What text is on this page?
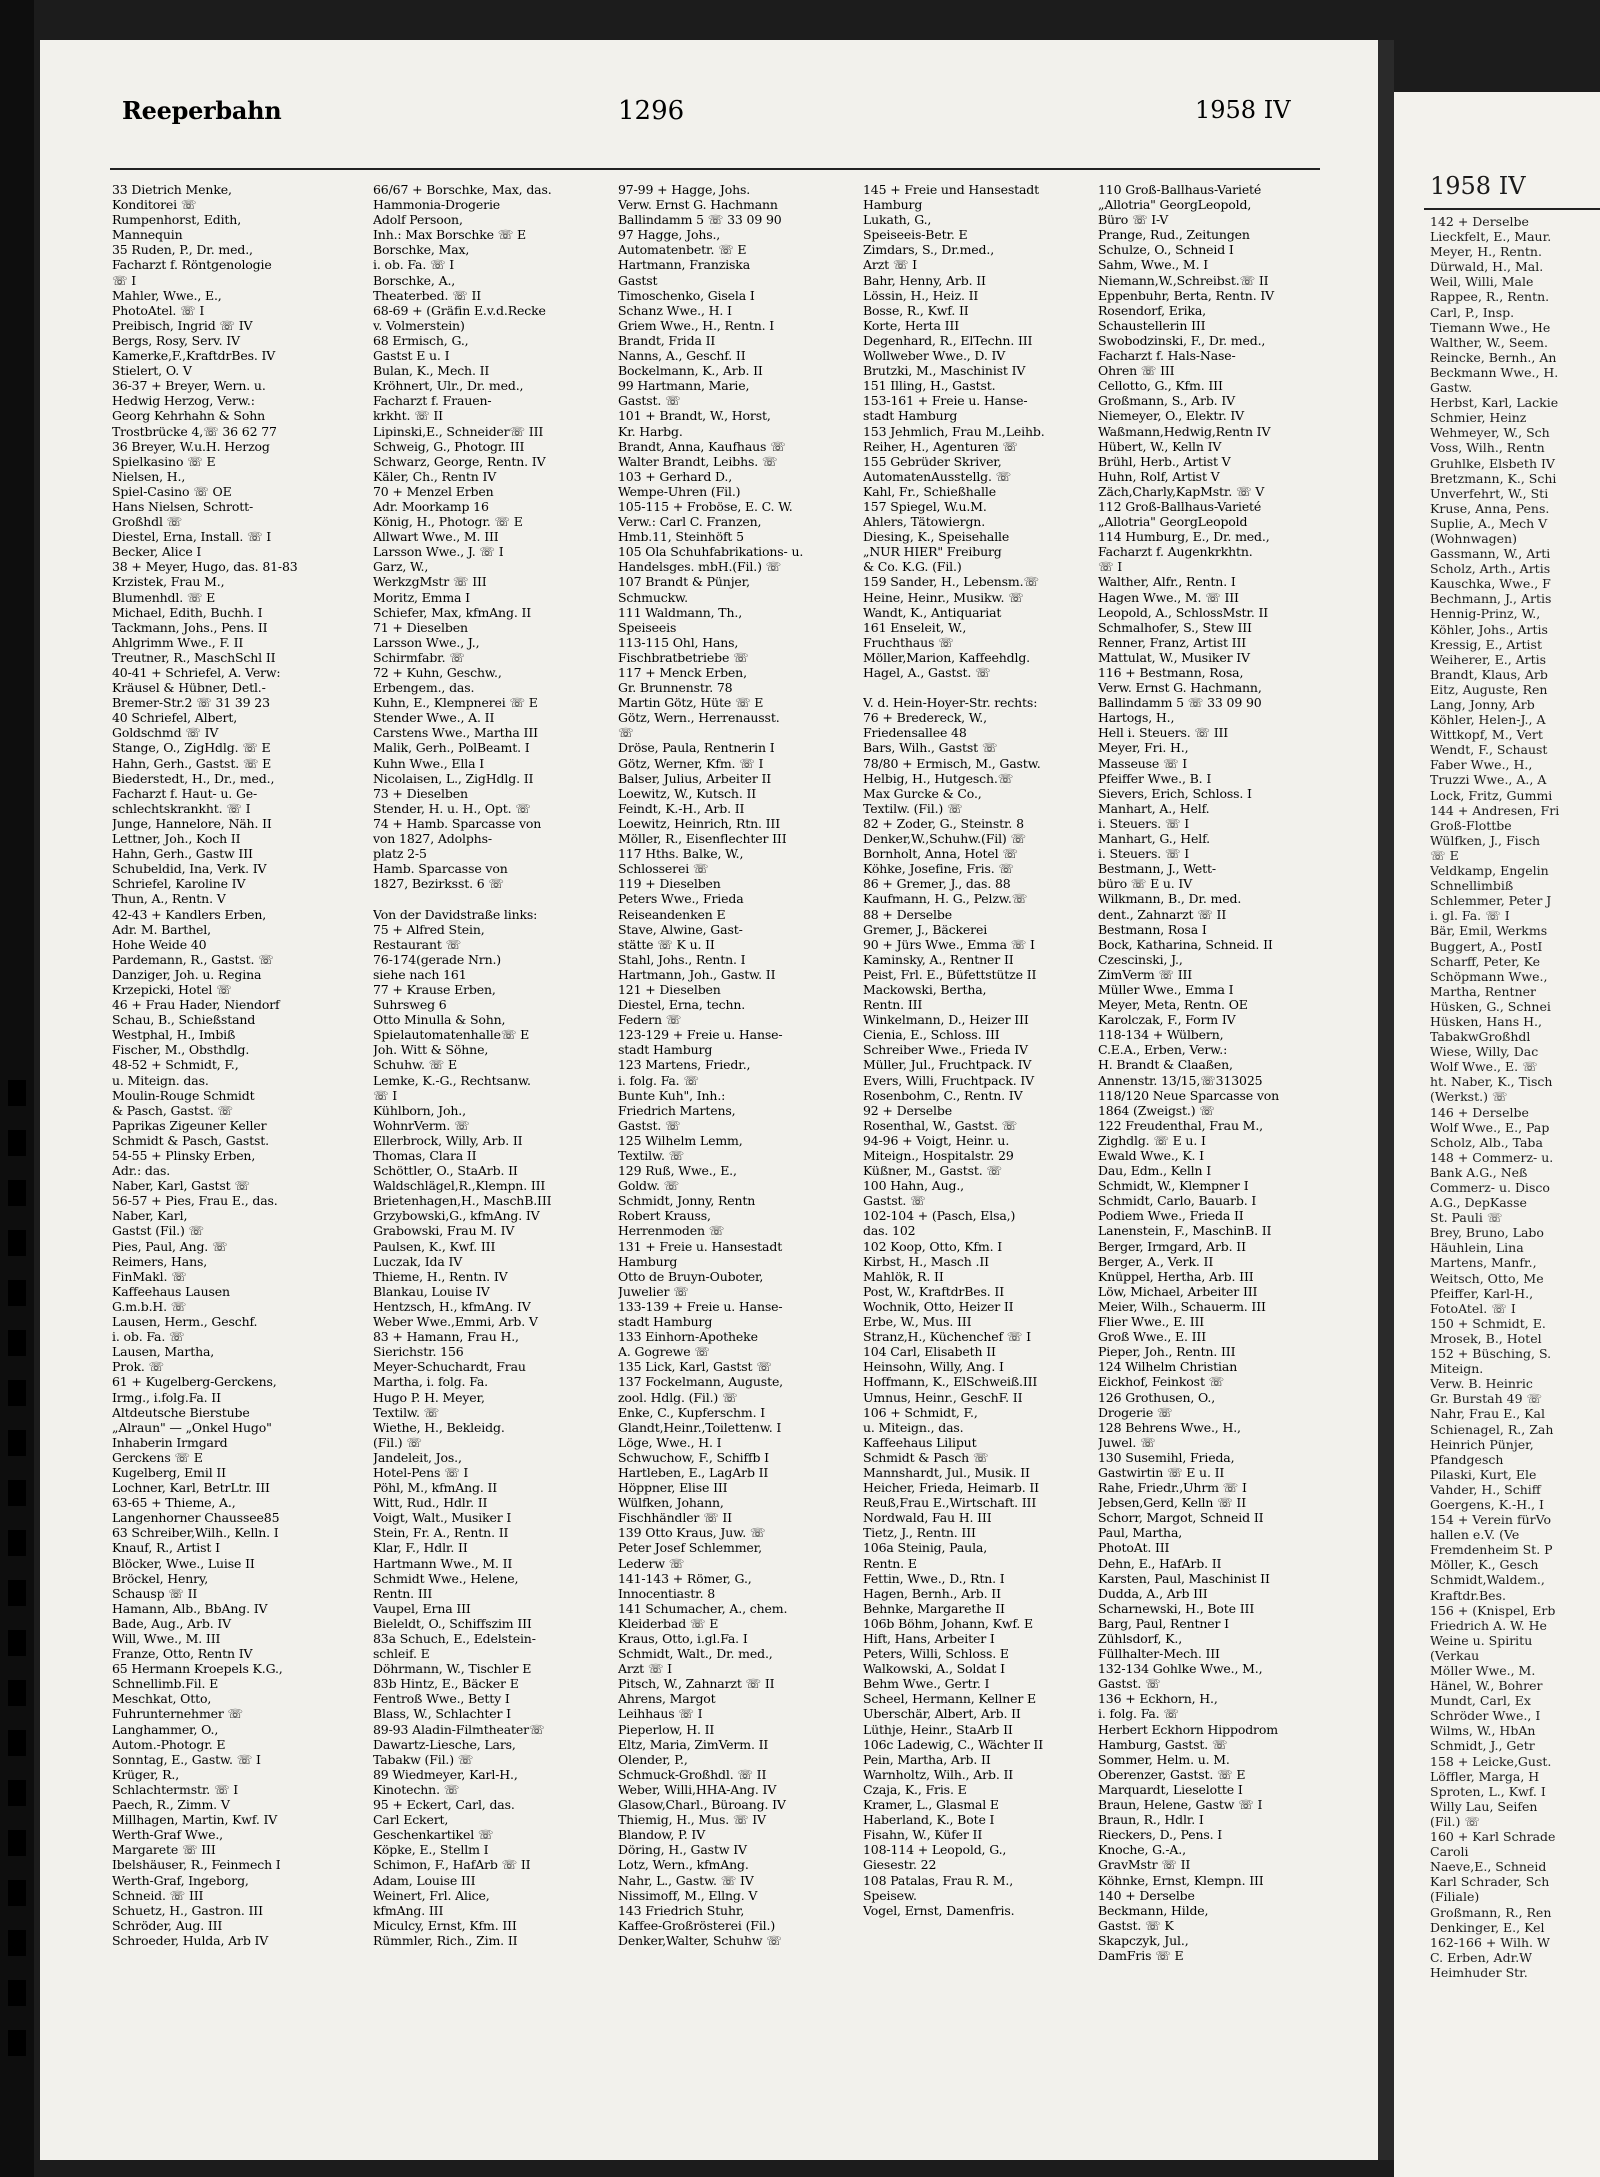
Reeperbahn	1296	1958 IV
33 Dietrich Menke,
Konditorei ☏
Rumpenhorst, Edith,
Mannequin
35 Ruden, P., Dr. med.,
Facharzt f. Röntgenologie
☏ I
Mahler, Wwe., E.,
PhotoAtel. ☏ I
Preibisch, Ingrid ☏ IV
Bergs, Rosy, Serv. IV
Kamerke,F.,KraftdrBes. IV
Stielert, O. V
36-37 + Breyer, Wern. u.
Hedwig Herzog, Verw.:
Georg Kehrhahn & Sohn
Trostbrücke 4,☏ 36 62 77
36 Breyer, W.u.H. Herzog
Spielkasino ☏ E
Nielsen, H.,
Spiel-Casino ☏ OE
Hans Nielsen, Schrott-
Großhdl ☏
Diestel, Erna, Install. ☏ I
Becker, Alice I
38 + Meyer, Hugo, das. 81-83
Krzistek, Frau M.,
Blumenhdl. ☏ E
Michael, Edith, Buchh. I
Tackmann, Johs., Pens. II
Ahlgrimm Wwe., F. II
Treutner, R., MaschSchl II
40-41 + Schriefel, A. Verw:
Kräusel & Hübner, Detl.-
Bremer-Str.2 ☏ 31 39 23
40 Schriefel, Albert,
Goldschmd ☏ IV
Stange, O., ZigHdlg. ☏ E
Hahn, Gerh., Gastst. ☏ E
Biederstedt, H., Dr., med.,
Facharzt f. Haut- u. Ge-
schlechtskrankht. ☏ I
Junge, Hannelore, Näh. II
Lettner, Joh., Koch II
Hahn, Gerh., Gastw III
Schubeldid, Ina, Verk. IV
Schriefel, Karoline IV
Thun, A., Rentn. V
42-43 + Kandlers Erben,
Adr. M. Barthel,
Hohe Weide 40
Pardemann, R., Gastst. ☏
Danziger, Joh. u. Regina
Krzepicki, Hotel ☏
46 + Frau Hader, Niendorf
Schau, B., Schießstand
Westphal, H., Imbiß
Fischer, M., Obsthdlg.
48-52 + Schmidt, F.,
u. Miteign. das.
Moulin-Rouge Schmidt
& Pasch, Gastst. ☏
Paprikas Zigeuner Keller
Schmidt & Pasch, Gastst.
54-55 + Plinsky Erben,
Adr.: das.
Naber, Karl, Gastst ☏
56-57 + Pies, Frau E., das.
Naber, Karl,
Gastst (Fil.) ☏
Pies, Paul, Ang. ☏
Reimers, Hans,
FinMakl. ☏
Kaffeehaus Lausen
G.m.b.H. ☏
Lausen, Herm., Geschf.
i. ob. Fa. ☏
Lausen, Martha,
Prok. ☏
61 + Kugelberg-Gerckens,
Irmg., i.folg.Fa. II
Altdeutsche Bierstube
„Alraun" — „Onkel Hugo"
Inhaberin Irmgard
Gerckens ☏ E
Kugelberg, Emil II
Lochner, Karl, BetrLtr. III
63-65 + Thieme, A.,
Langenhorner Chaussee85
63 Schreiber,Wilh., Kelln. I
Knauf, R., Artist I
Blöcker, Wwe., Luise II
Bröckel, Henry,
Schausp ☏ II
Hamann, Alb., BbAng. IV
Bade, Aug., Arb. IV
Will, Wwe., M. III
Franze, Otto, Rentn IV
65 Hermann Kroepels K.G.,
Schnellimb.Fil. E
Meschkat, Otto,
Fuhrunternehmer ☏
Langhammer, O.,
Autom.-Photogr. E
Sonntag, E., Gastw. ☏ I
Krüger, R.,
Schlachtermstr. ☏ I
Paech, R., Zimm. V
Millhagen, Martin, Kwf. IV
Werth-Graf Wwe.,
Margarete ☏ III
Ibelshäuser, R., Feinmech I
Werth-Graf, Ingeborg,
Schneid. ☏ III
Schuetz, H., Gastron. III
Schröder, Aug. III
Schroeder, Hulda, Arb IV
66/67 + Borschke, Max, das.
Hammonia-Drogerie
Adolf Persoon,
Inh.: Max Borschke ☏ E
Borschke, Max,
i. ob. Fa. ☏ I
Borschke, A.,
Theaterbed. ☏ II
68-69 + (Gräfin E.v.d.Recke
v. Volmerstein)
68 Ermisch, G.,
Gastst E u. I
Bulan, K., Mech. II
Kröhnert, Ulr., Dr. med.,
Facharzt f. Frauen-
krkht. ☏ II
Lipinski,E., Schneider☏ III
Schweig, G., Photogr. III
Schwarz, George, Rentn. IV
Käler, Ch., Rentn IV
70 + Menzel Erben
Adr. Moorkamp 16
König, H., Photogr. ☏ E
Allwart Wwe., M. III
Larsson Wwe., J. ☏ I
Garz, W.,
WerkzgMstr ☏ III
Moritz, Emma I
Schiefer, Max, kfmAng. II
71 + Dieselben
Larsson Wwe., J.,
Schirmfabr. ☏
72 + Kuhn, Geschw.,
Erbengem., das.
Kuhn, E., Klempnerei ☏ E
Stender Wwe., A. II
Carstens Wwe., Martha III
Malik, Gerh., PolBeamt. I
Kuhn Wwe., Ella I
Nicolaisen, L., ZigHdlg. II
73 + Dieselben
Stender, H. u. H., Opt. ☏
74 + Hamb. Sparcasse von
von 1827, Adolphs-
platz 2-5
Hamb. Sparcasse von
1827, Bezirksst. 6 ☏

Von der Davidstraße links:
75 + Alfred Stein,
Restaurant ☏
76-174(gerade Nrn.)
siehe nach 161
77 + Krause Erben,
Suhrsweg 6
Otto Minulla & Sohn,
Spielautomatenhalle☏ E
Joh. Witt & Söhne,
Schuhw. ☏ E
Lemke, K.-G., Rechtsanw.
☏ I
Kühlborn, Joh.,
WohnrVerm. ☏
Ellerbrock, Willy, Arb. II
Thomas, Clara II
Schöttler, O., StaArb. II
Waldschlägel,R.,Klempn. III
Brietenhagen,H., MaschB.III
Grzybowski,G., kfmAng. IV
Grabowski, Frau M. IV
Paulsen, K., Kwf. III
Luczak, Ida IV
Thieme, H., Rentn. IV
Blankau, Louise IV
Hentzsch, H., kfmAng. IV
Weber Wwe.,Emmi, Arb. V
83 + Hamann, Frau H.,
Sierichstr. 156
Meyer-Schuchardt, Frau
Martha, i. folg. Fa.
Hugo P. H. Meyer,
Textilw. ☏
Wiethe, H., Bekleidg.
(Fil.) ☏
Jandeleit, Jos.,
Hotel-Pens ☏ I
Pöhl, M., kfmAng. II
Witt, Rud., Hdlr. II
Voigt, Walt., Musiker I
Stein, Fr. A., Rentn. II
Klar, F., Hdlr. II
Hartmann Wwe., M. II
Schmidt Wwe., Helene,
Rentn. III
Vaupel, Erna III
Bieleldt, O., Schiffszim III
83a Schuch, E., Edelstein-
schleif. E
Döhrmann, W., Tischler E
83b Hintz, E., Bäcker E
Fentroß Wwe., Betty I
Blass, W., Schlachter I
89-93 Aladin-Filmtheater☏
Dawartz-Liesche, Lars,
Tabakw (Fil.) ☏
89 Wiedmeyer, Karl-H.,
Kinotechn. ☏
95 + Eckert, Carl, das.
Carl Eckert,
Geschenkartikel ☏
Köpke, E., Stellm I
Schimon, F., HafArb ☏ II
Adam, Louise III
Weinert, Frl. Alice,
kfmAng. III
Miculcy, Ernst, Kfm. III
Rümmler, Rich., Zim. II
97-99 + Hagge, Johs.
Verw. Ernst G. Hachmann
Ballindamm 5 ☏ 33 09 90
97 Hagge, Johs.,
Automatenbetr. ☏ E
Hartmann, Franziska
Gastst
Timoschenko, Gisela I
Schanz Wwe., H. I
Griem Wwe., H., Rentn. I
Brandt, Frida II
Nanns, A., Geschf. II
Bockelmann, K., Arb. II
99 Hartmann, Marie,
Gastst. ☏
101 + Brandt, W., Horst,
Kr. Harbg.
Brandt, Anna, Kaufhaus ☏
Walter Brandt, Leibhs. ☏
103 + Gerhard D.,
Wempe-Uhren (Fil.)
105-115 + Froböse, E. C. W.
Verw.: Carl C. Franzen,
Hmb.11, Steinhöft 5
105 Ola Schuhfabrikations- u.
Handelsges. mbH.(Fil.) ☏
107 Brandt & Pünjer,
Schmuckw.
111 Waldmann, Th.,
Speiseeis
113-115 Ohl, Hans,
Fischbratbetriebe ☏
117 + Menck Erben,
Gr. Brunnenstr. 78
Martin Götz, Hüte ☏ E
Götz, Wern., Herrenausst.
☏
Dröse, Paula, Rentnerin I
Götz, Werner, Kfm. ☏ I
Balser, Julius, Arbeiter II
Loewitz, W., Kutsch. II
Feindt, K.-H., Arb. II
Loewitz, Heinrich, Rtn. III
Möller, R., Eisenflechter III
117 Hths. Balke, W.,
Schlosserei ☏
119 + Dieselben
Peters Wwe., Frieda
Reiseandenken E
Stave, Alwine, Gast-
stätte ☏ K u. II
Stahl, Johs., Rentn. I
Hartmann, Joh., Gastw. II
121 + Dieselben
Diestel, Erna, techn.
Federn ☏
123-129 + Freie u. Hanse-
stadt Hamburg
123 Martens, Friedr.,
i. folg. Fa. ☏
Bunte Kuh", Inh.:
Friedrich Martens,
Gastst. ☏
125 Wilhelm Lemm,
Textilw. ☏
129 Ruß, Wwe., E.,
Goldw. ☏
Schmidt, Jonny, Rentn
Robert Krauss,
Herrenmoden ☏
131 + Freie u. Hansestadt
Hamburg
Otto de Bruyn-Ouboter,
Juwelier ☏
133-139 + Freie u. Hanse-
stadt Hamburg
133 Einhorn-Apotheke
A. Gogrewe ☏
135 Lick, Karl, Gastst ☏
137 Fockelmann, Auguste,
zool. Hdlg. (Fil.) ☏
Enke, C., Kupferschm. I
Glandt,Heinr.,Toilettenw. I
Löge, Wwe., H. I
Schwuchow, F., Schiffb I
Hartleben, E., LagArb II
Höppner, Elise III
Wülfken, Johann,
Fischhändler ☏ II
139 Otto Kraus, Juw. ☏
Peter Josef Schlemmer,
Lederw ☏
141-143 + Römer, G.,
Innocentiastr. 8
141 Schumacher, A., chem.
Kleiderbad ☏ E
Kraus, Otto, i.gl.Fa. I
Schmidt, Walt., Dr. med.,
Arzt ☏ I
Pitsch, W., Zahnarzt ☏ II
Ahrens, Margot
Leihhaus ☏ I
Pieperlow, H. II
Eltz, Maria, ZimVerm. II
Olender, P.,
Schmuck-Großhdl. ☏ II
Weber, Willi,HHA-Ang. IV
Glasow,Charl., Büroang. IV
Thiemig, H., Mus. ☏ IV
Blandow, P. IV
Döring, H., Gastw IV
Lotz, Wern., kfmAng.
Nahr, L., Gastw. ☏ IV
Nissimoff, M., Ellng. V
143 Friedrich Stuhr,
Kaffee-Großrösterei (Fil.)
Denker,Walter, Schuhw ☏
145 + Freie und Hansestadt
Hamburg
Lukath, G.,
Speiseeis-Betr. E
Zimdars, S., Dr.med.,
Arzt ☏ I
Bahr, Henny, Arb. II
Lössin, H., Heiz. II
Bosse, R., Kwf. II
Korte, Herta III
Degenhard, R., ElTechn. III
Wollweber Wwe., D. IV
Brutzki, M., Maschinist IV
151 Illing, H., Gastst.
153-161 + Freie u. Hanse-
stadt Hamburg
153 Jehmlich, Frau M.,Leihb.
Reiher, H., Agenturen ☏
155 Gebrüder Skriver,
AutomatenAusstellg. ☏
Kahl, Fr., Schießhalle
157 Spiegel, W.u.M.
Ahlers, Tätowiergn.
Diesing, K., Speisehalle
„NUR HIER" Freiburg
& Co. K.G. (Fil.)
159 Sander, H., Lebensm.☏
Heine, Heinr., Musikw. ☏
Wandt, K., Antiquariat
161 Enseleit, W.,
Fruchthaus ☏
Möller,Marion, Kaffeehdlg.
Hagel, A., Gastst. ☏

V. d. Hein-Hoyer-Str. rechts:
76 + Bredereck, W.,
Friedensallee 48
Bars, Wilh., Gastst ☏
78/80 + Ermisch, M., Gastw.
Helbig, H., Hutgesch.☏
Max Gurcke & Co.,
Textilw. (Fil.) ☏
82 + Zoder, G., Steinstr. 8
Denker,W.,Schuhw.(Fil) ☏
Bornholt, Anna, Hotel ☏
Köhke, Josefine, Fris. ☏
86 + Gremer, J., das. 88
Kaufmann, H. G., Pelzw.☏
88 + Derselbe
Gremer, J., Bäckerei
90 + Jürs Wwe., Emma ☏ I
Kaminsky, A., Rentner II
Peist, Frl. E., Büfettstütze II
Mackowski, Bertha,
Rentn. III
Winkelmann, D., Heizer III
Cienia, E., Schloss. III
Schreiber Wwe., Frieda IV
Müller, Jul., Fruchtpack. IV
Evers, Willi, Fruchtpack. IV
Rosenbohm, C., Rentn. IV
92 + Derselbe
Rosenthal, W., Gastst. ☏
94-96 + Voigt, Heinr. u.
Miteign., Hospitalstr. 29
Küßner, M., Gastst. ☏
100 Hahn, Aug.,
Gastst. ☏
102-104 + (Pasch, Elsa,)
das. 102
102 Koop, Otto, Kfm. I
Kirbst, H., Masch .II
Mahlök, R. II
Post, W., KraftdrBes. II
Wochnik, Otto, Heizer II
Erbe, W., Mus. III
Stranz,H., Küchenchef ☏ I
104 Carl, Elisabeth II
Heinsohn, Willy, Ang. I
Hoffmann, K., ElSchweiß.III
Umnus, Heinr., GeschF. II
106 + Schmidt, F.,
u. Miteign., das.
Kaffeehaus Liliput
Schmidt & Pasch ☏
Mannshardt, Jul., Musik. II
Heicher, Frieda, Heimarb. II
Reuß,Frau E.,Wirtschaft. III
Nordwald, Fau H. III
Tietz, J., Rentn. III
106a Steinig, Paula,
Rentn. E
Fettin, Wwe., D., Rtn. I
Hagen, Bernh., Arb. II
Behnke, Margarethe II
106b Böhm, Johann, Kwf. E
Hift, Hans, Arbeiter I
Peters, Willi, Schloss. E
Walkowski, A., Soldat I
Behm Wwe., Gertr. I
Scheel, Hermann, Kellner E
Uberschär, Albert, Arb. II
Lüthje, Heinr., StaArb II
106c Ladewig, C., Wächter II
Pein, Martha, Arb. II
Warnholtz, Wilh., Arb. II
Czaja, K., Fris. E
Kramer, L., Glasmal E
Haberland, K., Bote I
Fisahn, W., Küfer II
108-114 + Leopold, G.,
Giesestr. 22
108 Patalas, Frau R. M.,
Speisew.
Vogel, Ernst, Damenfris.
110 Groß-Ballhaus-Varieté
„Allotria" GeorgLeopold,
Büro ☏ I-V
Prange, Rud., Zeitungen
Schulze, O., Schneid I
Sahm, Wwe., M. I
Niemann,W.,Schreibst.☏ II
Eppenbuhr, Berta, Rentn. IV
Rosendorf, Erika,
Schaustellerin III
Swobodzinski, F., Dr. med.,
Facharzt f. Hals-Nase-
Ohren ☏ III
Cellotto, G., Kfm. III
Großmann, S., Arb. IV
Niemeyer, O., Elektr. IV
Waßmann,Hedwig,Rentn IV
Hübert, W., Kelln IV
Brühl, Herb., Artist V
Huhn, Rolf, Artist V
Zäch,Charly,KapMstr. ☏ V
112 Groß-Ballhaus-Varieté
„Allotria" GeorgLeopold
114 Humburg, E., Dr. med.,
Facharzt f. Augenkrkhtn.
☏ I
Walther, Alfr., Rentn. I
Hagen Wwe., M. ☏ III
Leopold, A., SchlossMstr. II
Schmalhofer, S., Stew III
Renner, Franz, Artist III
Mattulat, W., Musiker IV
116 + Bestmann, Rosa,
Verw. Ernst G. Hachmann,
Ballindamm 5 ☏ 33 09 90
Hartogs, H.,
Hell i. Steuers. ☏ III
Meyer, Fri. H.,
Masseuse ☏ I
Pfeiffer Wwe., B. I
Sievers, Erich, Schloss. I
Manhart, A., Helf.
i. Steuers. ☏ I
Manhart, G., Helf.
i. Steuers. ☏ I
Bestmann, J., Wett-
büro ☏ E u. IV
Wilkmann, B., Dr. med.
dent., Zahnarzt ☏ II
Bestmann, Rosa I
Bock, Katharina, Schneid. II
Czescinski, J.,
ZimVerm ☏ III
Müller Wwe., Emma I
Meyer, Meta, Rentn. OE
Karolczak, F., Form IV
118-134 + Wülbern,
C.E.A., Erben, Verw.:
H. Brandt & Claaßen,
Annenstr. 13/15,☏313025
118/120 Neue Sparcasse von
1864 (Zweigst.) ☏
122 Freudenthal, Frau M.,
Zighdlg. ☏ E u. I
Ewald Wwe., K. I
Dau, Edm., Kelln I
Schmidt, W., Klempner I
Schmidt, Carlo, Bauarb. I
Podiem Wwe., Frieda II
Lanenstein, F., MaschinB. II
Berger, Irmgard, Arb. II
Berger, A., Verk. II
Knüppel, Hertha, Arb. III
Löw, Michael, Arbeiter III
Meier, Wilh., Schauerm. III
Flier Wwe., E. III
Groß Wwe., E. III
Pieper, Joh., Rentn. III
124 Wilhelm Christian
Eickhof, Feinkost ☏
126 Grothusen, O.,
Drogerie ☏
128 Behrens Wwe., H.,
Juwel. ☏
130 Susemihl, Frieda,
Gastwirtin ☏ E u. II
Rahe, Friedr.,Uhrm ☏ I
Jebsen,Gerd, Kelln ☏ II
Schorr, Margot, Schneid II
Paul, Martha,
PhotoAt. III
Dehn, E., HafArb. II
Karsten, Paul, Maschinist II
Dudda, A., Arb III
Scharnewski, H., Bote III
Barg, Paul, Rentner I
Zühlsdorf, K.,
Füllhalter-Mech. III
132-134 Gohlke Wwe., M.,
Gastst. ☏
136 + Eckhorn, H.,
i. folg. Fa. ☏
Herbert Eckhorn Hippodrom
Hamburg, Gastst. ☏
Sommer, Helm. u. M.
Oberenzer, Gastst. ☏ E
Marquardt, Lieselotte I
Braun, Helene, Gastw ☏ I
Braun, R., Hdlr. I
Rieckers, D., Pens. I
Knoche, G.-A.,
GravMstr ☏ II
Köhnke, Ernst, Klempn. III
140 + Derselbe
Beckmann, Hilde,
Gastst. ☏ K
Skapczyk, Jul.,
DamFris ☏ E
1958 IV
142 + Derselbe
Lieckfelt, E., Maur.
Meyer, H., Rentn.
Dürwald, H., Mal.
Weil, Willi, Male
Rappee, R., Rentn.
Carl, P., Insp.
Tiemann Wwe., He
Walther, W., Seem.
Reincke, Bernh., An
Beckmann Wwe., H.
Gastw.
Herbst, Karl, Lackie
Schmier, Heinz
Wehmeyer, W., Sch
Voss, Wilh., Rentn
Gruhlke, Elsbeth IV
Bretzmann, K., Schi
Unverfehrt, W., Sti
Kruse, Anna, Pens.
Suplie, A., Mech V
(Wohnwagen)
Gassmann, W., Arti
Scholz, Arth., Artis
Kauschka, Wwe., F
Bechmann, J., Artis
Hennig-Prinz, W.,
Köhler, Johs., Artis
Kressig, E., Artist
Weiherer, E., Artis
Brandt, Klaus, Arb
Eitz, Auguste, Ren
Lang, Jonny, Arb
Köhler, Helen-J., A
Wittkopf, M., Vert
Wendt, F., Schaust
Faber Wwe., H.,
Truzzi Wwe., A., A
Lock, Fritz, Gummi
144 + Andresen, Fri
Groß-Flottbe
Wülfken, J., Fisch
☏ E
Veldkamp, Engelin
Schnellimbiß
Schlemmer, Peter J
i. gl. Fa. ☏ I
Bär, Emil, Werkms
Buggert, A., PostI
Scharff, Peter, Ke
Schöpmann Wwe.,
Martha, Rentner
Hüsken, G., Schnei
Hüsken, Hans H.,
TabakwGroßhdl
Wiese, Willy, Dac
Wolf Wwe., E. ☏
ht. Naber, K., Tisch
(Werkst.) ☏
146 + Derselbe
Wolf Wwe., E., Pap
Scholz, Alb., Taba
148 + Commerz- u.
Bank A.G., Neß
Commerz- u. Disco
A.G., DepKasse
St. Pauli ☏
Brey, Bruno, Labo
Häuhlein, Lina
Martens, Manfr.,
Weitsch, Otto, Me
Pfeiffer, Karl-H.,
FotoAtel. ☏ I
150 + Schmidt, E.
Mrosek, B., Hotel
152 + Büsching, S.
Miteign.
Verw. B. Heinric
Gr. Burstah 49 ☏
Nahr, Frau E., Kal
Schienagel, R., Zah
Heinrich Pünjer,
Pfandgesch
Pilaski, Kurt, Ele
Vahder, H., Schiff
Goergens, K.-H., I
154 + Verein fürVo
hallen e.V. (Ve
Fremdenheim St. P
Möller, K., Gesch
Schmidt,Waldem.,
Kraftdr.Bes.
156 + (Knispel, Erb
Friedrich A. W. He
Weine u. Spiritu
(Verkau
Möller Wwe., M.
Hänel, W., Bohrer
Mundt, Carl, Ex
Schröder Wwe., I
Wilms, W., HbAn
Schmidt, J., Getr
158 + Leicke,Gust.
Löffler, Marga, H
Sproten, L., Kwf. I
Willy Lau, Seifen
(Fil.) ☏
160 + Karl Schrade
Caroli
Naeve,E., Schneid
Karl Schrader, Sch
(Filiale)
Großmann, R., Ren
Denkinger, E., Kel
162-166 + Wilh. W
C. Erben, Adr.W
Heimhuder Str.
